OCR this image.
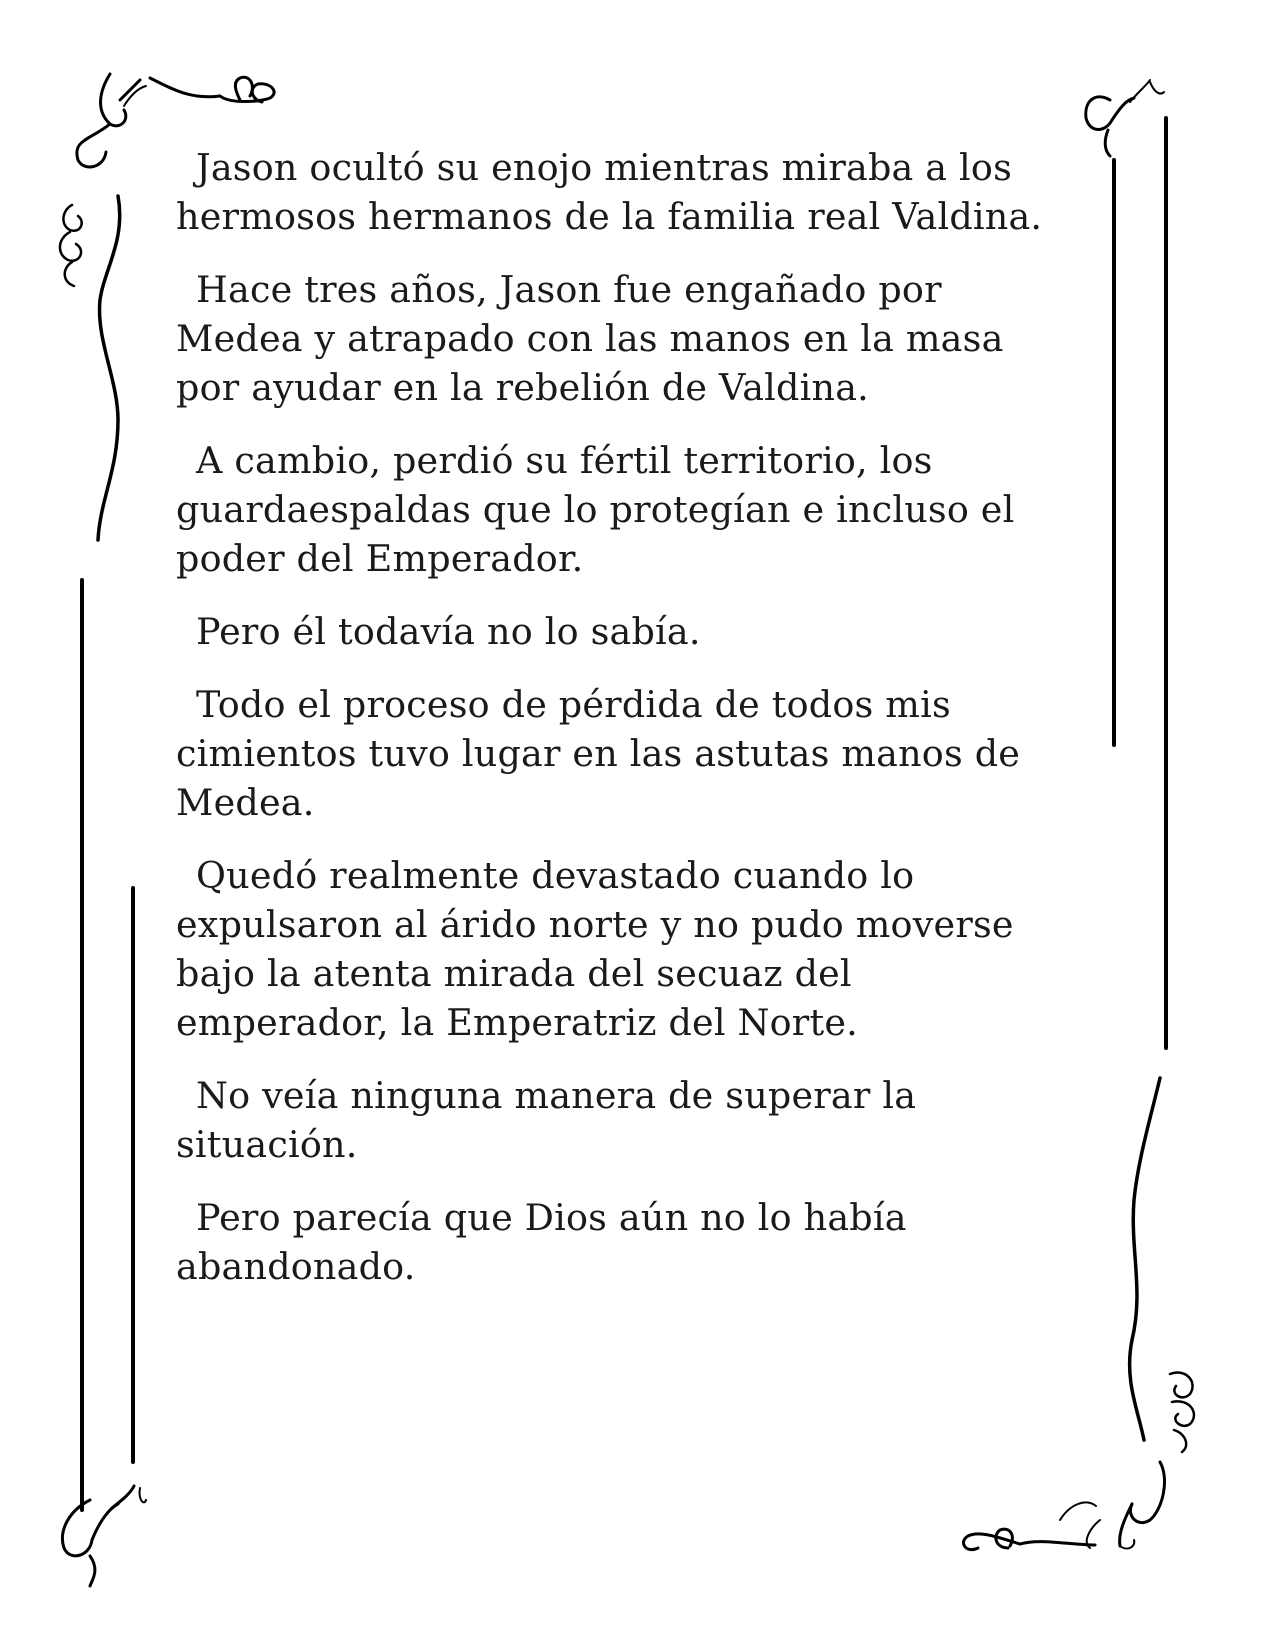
Jason ocultó su enojo mientras miraba a los
hermosos hermanos de la familia real Valdina.

Hace tres años, Jason fue engañado por
Medea y atrapado con las manos en la masa
por ayudar en la rebelión de Valdina.

A cambio, perdió su fértil territorio, los
guardaespaldas que lo protegían e incluso el
poder del Emperador.

Pero él todavía no lo sabía.

Todo el proceso de pérdida de todos mis
cimientos tuvo lugar en las astutas manos de
Medea.

Quedó realmente devastado cuando lo
expulsaron al árido norte y no pudo moverse
bajo la atenta mirada del secuaz del
emperador, la Emperatriz del Norte.

No veía ninguna manera de superar la
situación.

Pero parecía que Dios aún no lo había
abandonado.
